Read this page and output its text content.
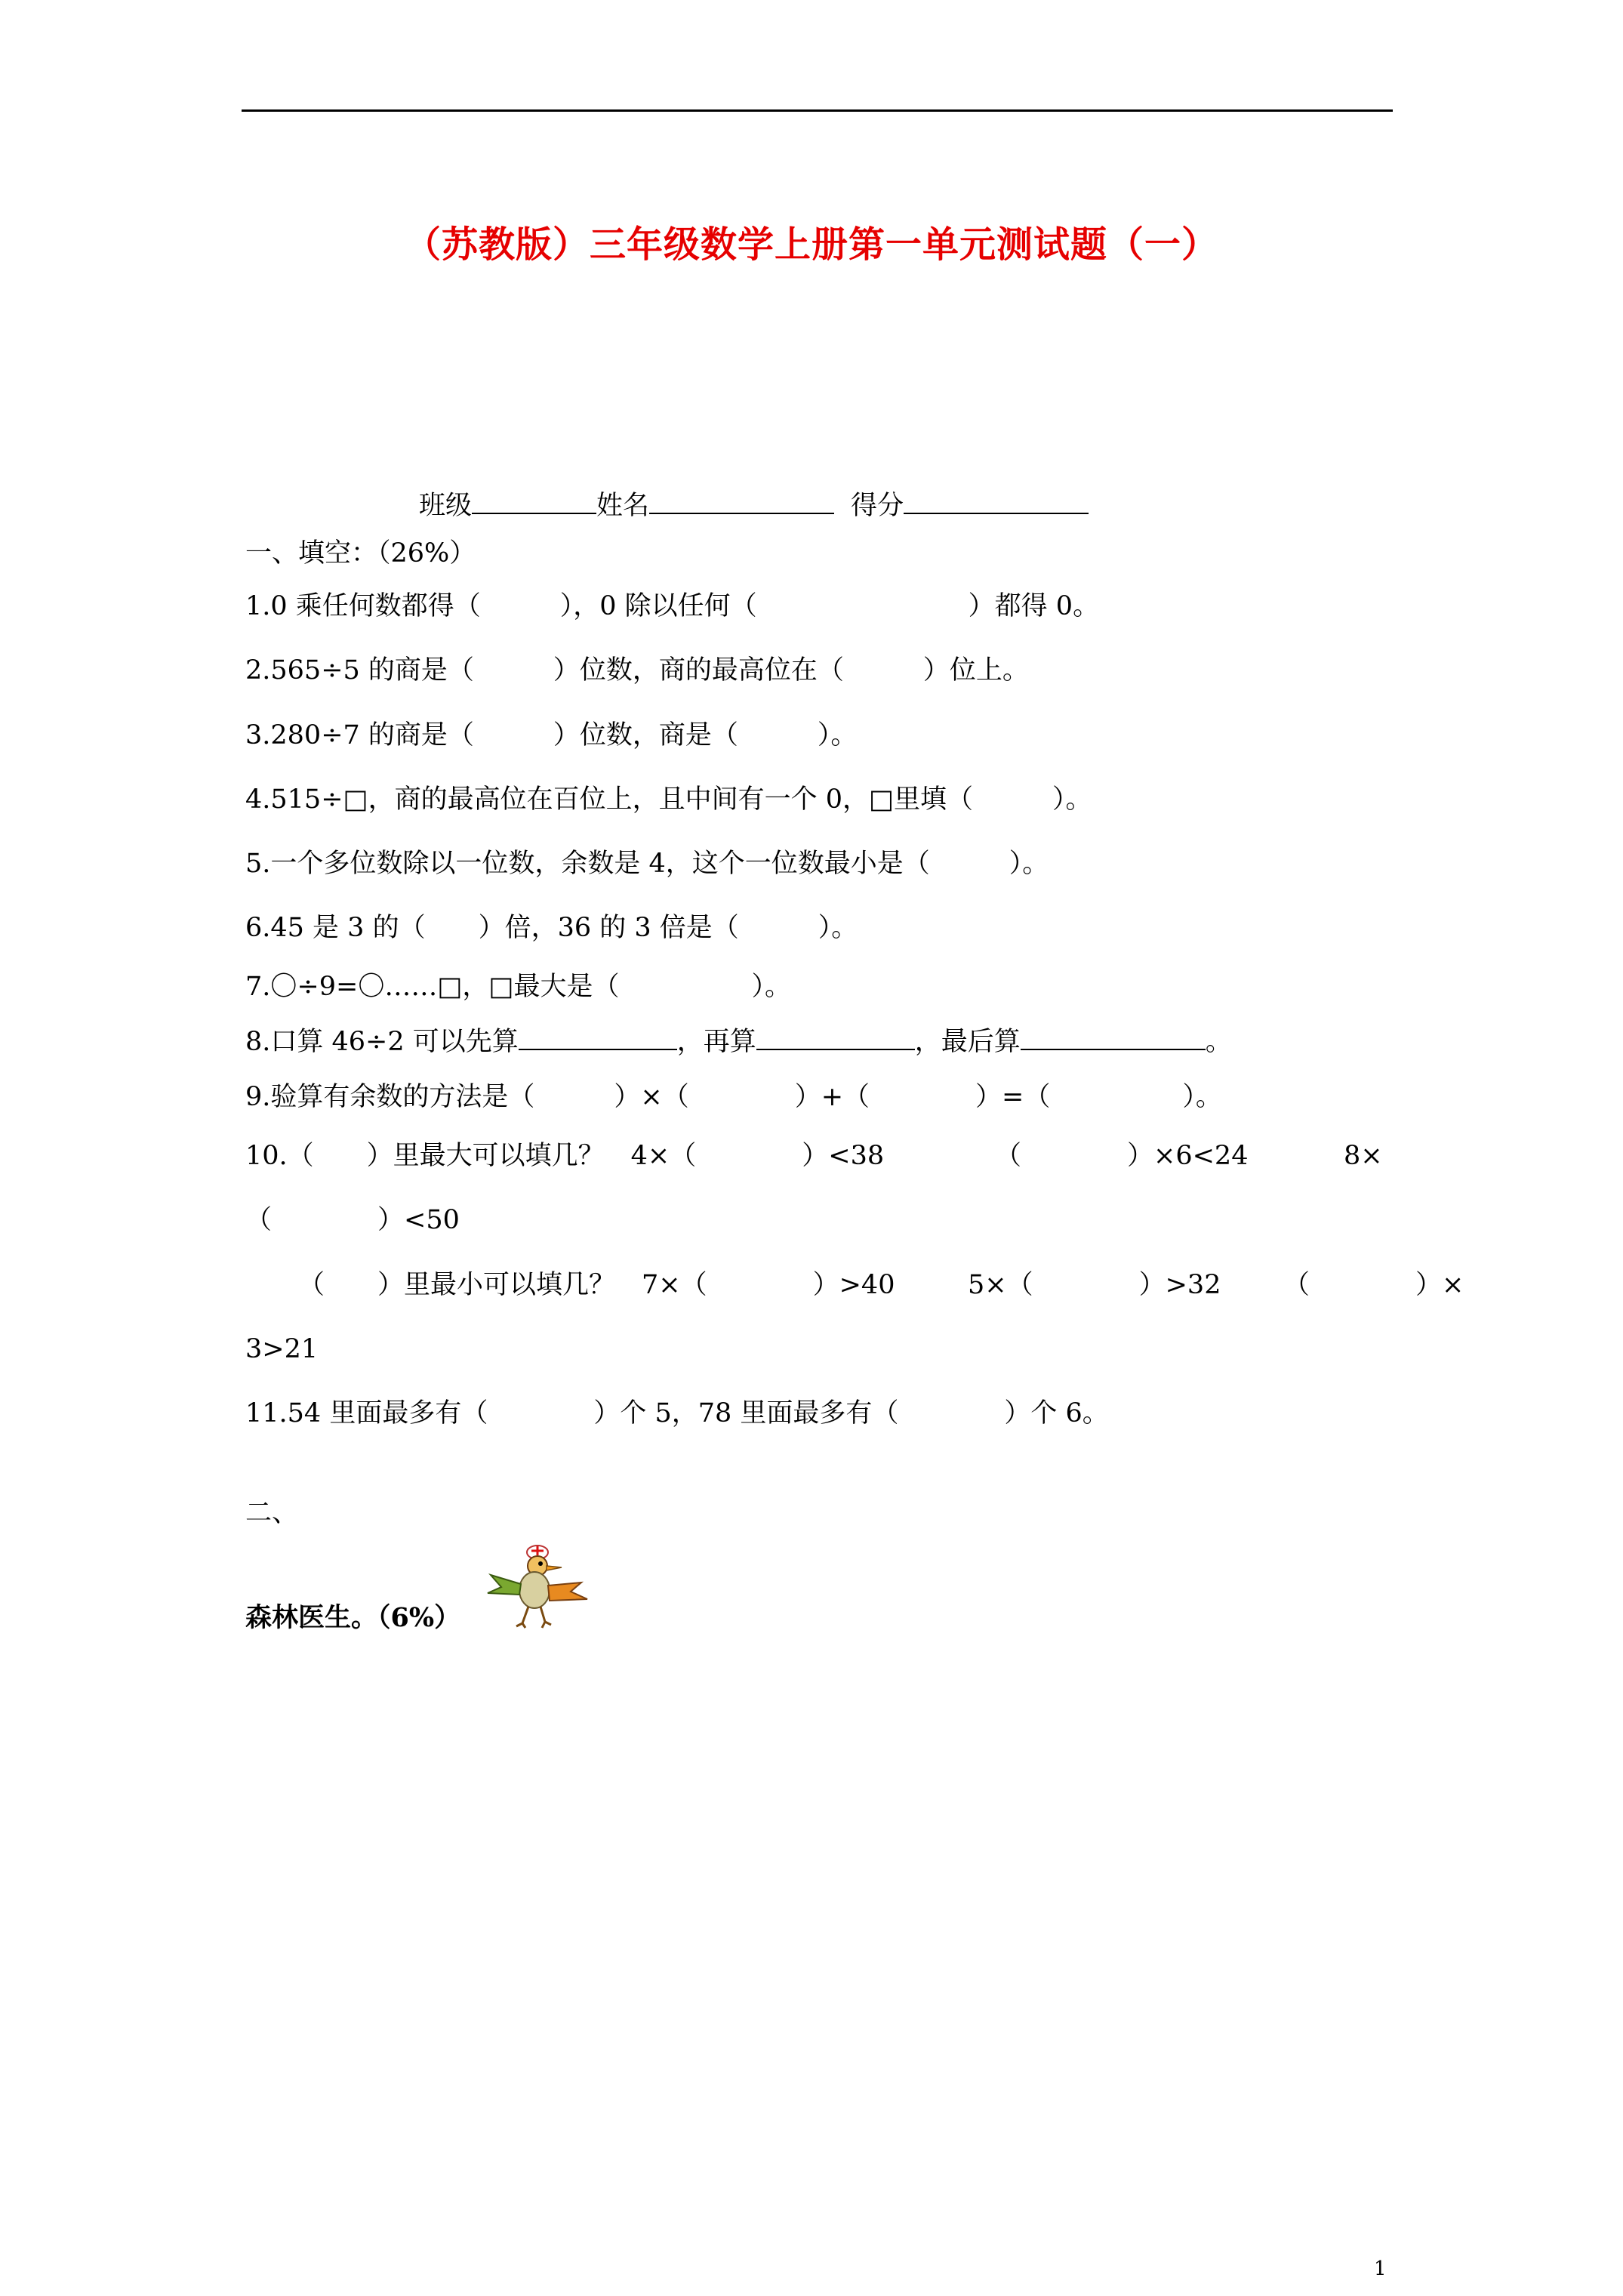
（苏教版）三年级数学上册第一单元测试题（一）
班级	姓名	得分
一、填空：（26%）
1.0 乘任何数都得（　　　），0 除以任何（　　　　　　　　）都得 0。
2.565÷5 的商是（　　　）位数，商的最高位在（　　　）位上。
3.280÷7 的商是（　　　）位数，商是（　　　）。
4.515÷□，商的最高位在百位上，且中间有一个 0，□里填（　　　）。
5.一个多位数除以一位数，余数是 4，这个一位数最小是（　　　）。
6.45 是 3 的（　　）倍，36 的 3 倍是（　　　）。
7.〇÷9=〇……□，□最大是（　　　　　）。
8.口算 46÷2 可以先算	，再算	，最后算	。
9.验算有余数的方法是（　　　）×（　　　　）+（　　　　）=（　　　　　）。
10.（　　）里最大可以填几？　4×（　　　　）<38	（　　　　）×6<24	8×
（　　　　）<50
（　　）里最小可以填几？　7×（　　　　）>40	5×（　　　　）>32 （　　　　）×
3>21
11.54 里面最多有（　　　　）个 5，78 里面最多有（　　　　）个 6。
二、
森林医生。（6%）
1
